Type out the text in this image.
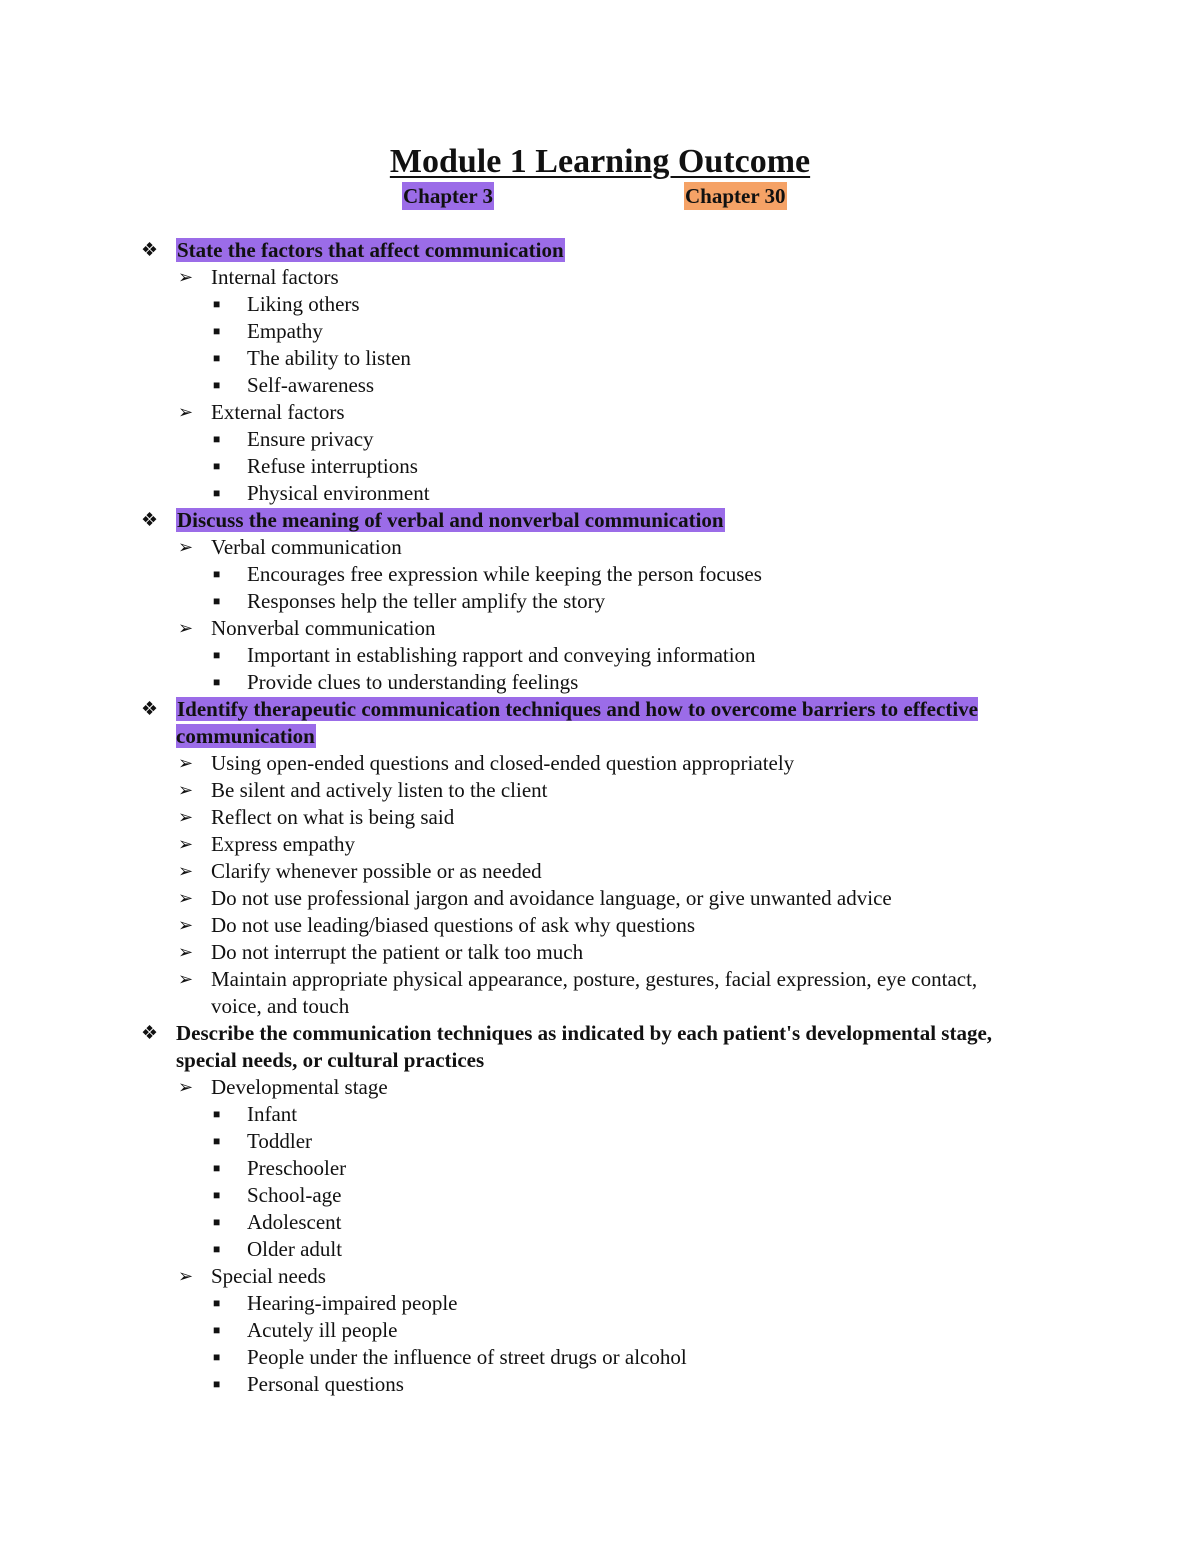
Module 1 Learning Outcome
Chapter 3	Chapter 30
❖ State the factors that affect communication
➢ Internal factors
■ Liking others
■ Empathy
■ The ability to listen
■ Self-awareness
➢ External factors
■ Ensure privacy
■ Refuse interruptions
■ Physical environment
❖ Discuss the meaning of verbal and nonverbal communication
➢ Verbal communication
■ Encourages free expression while keeping the person focuses
■ Responses help the teller amplify the story
➢ Nonverbal communication
■ Important in establishing rapport and conveying information
■ Provide clues to understanding feelings
❖ Identify therapeutic communication techniques and how to overcome barriers to effective communication
➢ Using open-ended questions and closed-ended question appropriately
➢ Be silent and actively listen to the client
➢ Reflect on what is being said
➢ Express empathy
➢ Clarify whenever possible or as needed
➢ Do not use professional jargon and avoidance language, or give unwanted advice
➢ Do not use leading/biased questions of ask why questions
➢ Do not interrupt the patient or talk too much
➢ Maintain appropriate physical appearance, posture, gestures, facial expression, eye contact, voice, and touch
❖ Describe the communication techniques as indicated by each patient's developmental stage, special needs, or cultural practices
➢ Developmental stage
■ Infant
■ Toddler
■ Preschooler
■ School-age
■ Adolescent
■ Older adult
➢ Special needs
■ Hearing-impaired people
■ Acutely ill people
■ People under the influence of street drugs or alcohol
■ Personal questions
